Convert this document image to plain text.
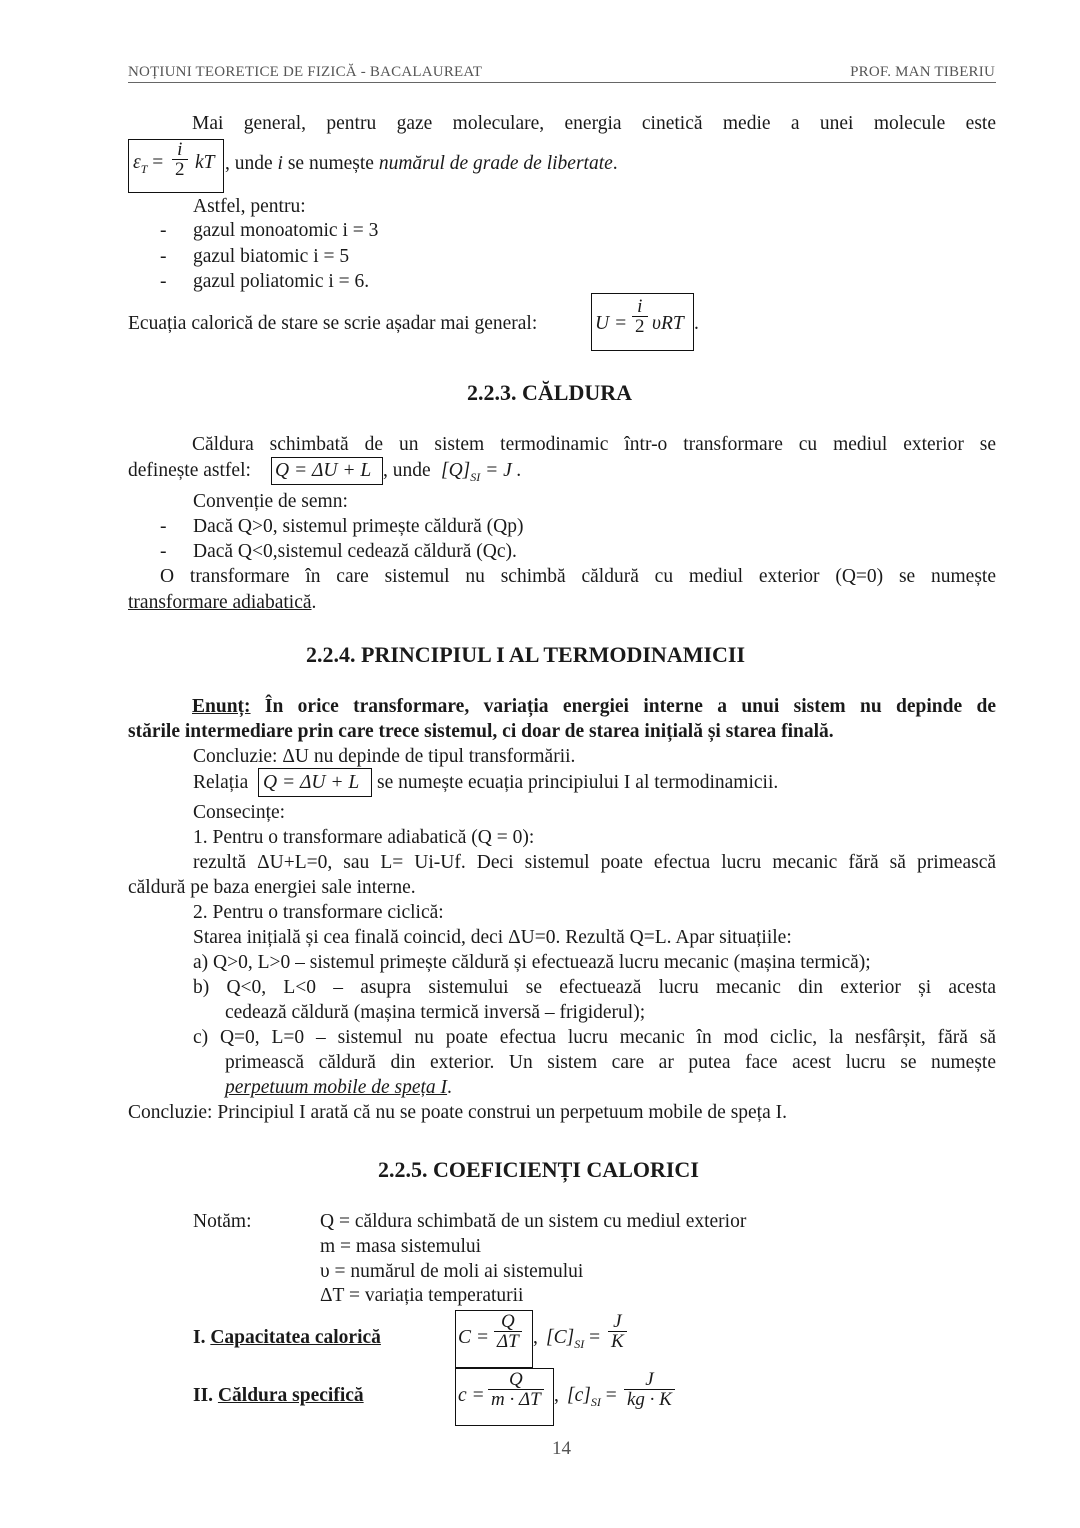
NOȚIUNI TEORETICE DE FIZICĂ - BACALAUREAT	PROF. MAN TIBERIU
Mai general, pentru gaze moleculare, energia cinetică medie a unei molecule este
$\varepsilon_T = \frac{i}{2}$ kT , unde i se numește numărul de grade de libertate.
Astfel, pentru:
- gazul monoatomic i = 3
- gazul biatomic i = 5
- gazul poliatomic i = 6.
Ecuația calorică de stare se scrie așadar mai general:	$U = \frac{i}{2}$ υRT .
2.2.3. CĂLDURA
Căldura schimbată de un sistem termodinamic într-o transformare cu mediul exterior se
definește astfel: Q = ΔU + L , unde $[Q]_{SI} = J$ .
Convenție de semn:
- Dacă Q>0, sistemul primește căldură (Qp)
- Dacă Q<0,sistemul cedează căldură (Qc).
O transformare în care sistemul nu schimbă căldură cu mediul exterior (Q=0) se numește
transformare adiabatică.
2.2.4. PRINCIPIUL I AL TERMODINAMICII
Enunț: În orice transformare, variația energiei interne a unui sistem nu depinde de
stările intermediare prin care trece sistemul, ci doar de starea inițială și starea finală.
Concluzie: ΔU nu depinde de tipul transformării.
Relația Q = ΔU + L se numește ecuația principiului I al termodinamicii.
Consecințe:
1. Pentru o transformare adiabatică (Q = 0):
rezultă ΔU+L=0, sau L= Ui-Uf. Deci sistemul poate efectua lucru mecanic fără să primească
căldură pe baza energiei sale interne.
2. Pentru o transformare ciclică:
Starea inițială și cea finală coincid, deci ΔU=0. Rezultă Q=L. Apar situațiile:
a) Q>0, L>0 – sistemul primește căldură și efectuează lucru mecanic (mașina termică);
b) Q<0, L<0 – asupra sistemului se efectuează lucru mecanic din exterior și acesta
cedează căldură (mașina termică inversă – frigiderul);
c) Q=0, L=0 – sistemul nu poate efectua lucru mecanic în mod ciclic, la nesfârșit, fără să
primească căldură din exterior. Un sistem care ar putea face acest lucru se numește
perpetuum mobile de speța I.
Concluzie: Principiul I arată că nu se poate construi un perpetuum mobile de speța I.
2.2.5. COEFICIENȚI CALORICI
Notăm:	Q = căldura schimbată de un sistem cu mediul exterior
m = masa sistemului
υ = numărul de moli ai sistemului
ΔT = variația temperaturii
I. Capacitatea calorică	$C = \frac{Q}{\Delta T}$ , $[C]_{SI} = \frac{J}{K}$
II. Căldura specifică	$c = \frac{Q}{m \cdot \Delta T}$ , $[c]_{SI} = \frac{J}{kg \cdot K}$
14
